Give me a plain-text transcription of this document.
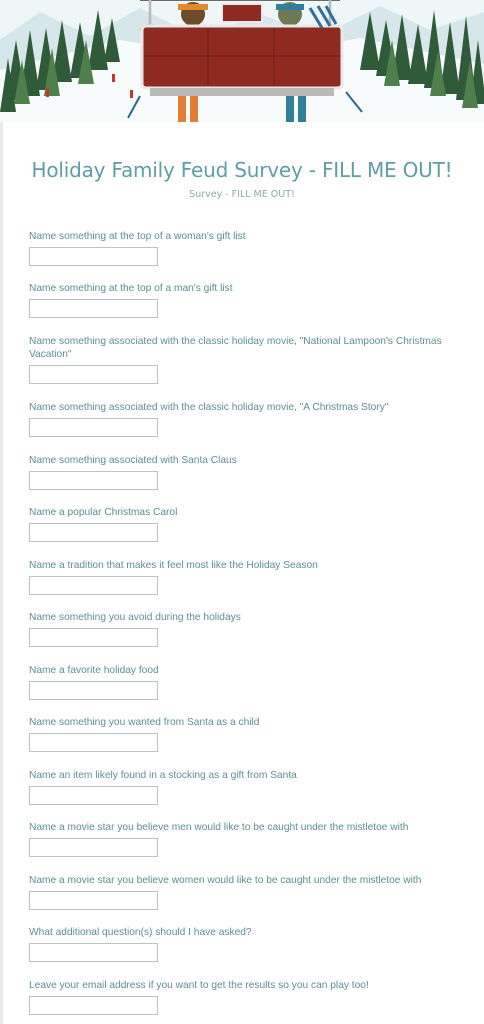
Holiday Family Feud Survey - FILL ME OUT!
Survey - FILL ME OUT!
Name something at the top of a woman's gift list
Name something at the top of a man's gift list
Name something associated with the classic holiday movie, "National Lampoon's Christmas Vacation"
Name something associated with the classic holiday movie, "A Christmas Story"
Name something associated with Santa Claus
Name a popular Christmas Carol
Name a tradition that makes it feel most like the Holiday Season
Name something you avoid during the holidays
Name a favorite holiday food
Name something you wanted from Santa as a child
Name an item likely found in a stocking as a gift from Santa
Name a movie star you believe men would like to be caught under the mistletoe with
Name a movie star you believe women would like to be caught under the mistletoe with
What additional question(s) should I have asked?
Leave your email address if you want to get the results so you can play too!
